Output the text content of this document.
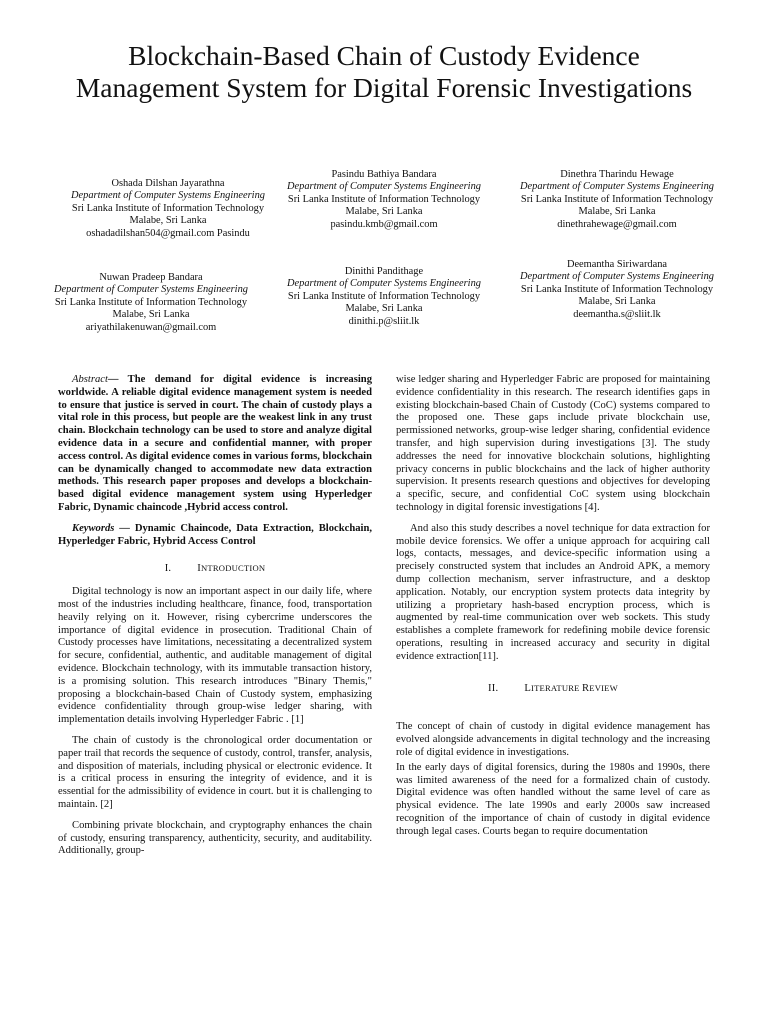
Blockchain-Based Chain of Custody Evidence Management System for Digital Forensic Investigations
Oshada Dilshan Jayarathna
Department of Computer Systems Engineering
Sri Lanka Institute of Information Technology
Malabe, Sri Lanka
oshadadilshan504@gmail.com Pasindu
Pasindu Bathiya Bandara
Department of Computer Systems Engineering
Sri Lanka Institute of Information Technology
Malabe, Sri Lanka
pasindu.kmb@gmail.com
Dinethra Tharindu Hewage
Department of Computer Systems Engineering
Sri Lanka Institute of Information Technology
Malabe, Sri Lanka
dinethrahewage@gmail.com
Nuwan Pradeep Bandara
Department of Computer Systems Engineering
Sri Lanka Institute of Information Technology
Malabe, Sri Lanka
ariyathilakenuwan@gmail.com
Dinithi Pandithage
Department of Computer Systems Engineering
Sri Lanka Institute of Information Technology
Malabe, Sri Lanka
dinithi.p@sliit.lk
Deemantha Siriwardana
Department of Computer Systems Engineering
Sri Lanka Institute of Information Technology
Malabe, Sri Lanka
deemantha.s@sliit.lk

Abstract— The demand for digital evidence is increasing worldwide. A reliable digital evidence management system is needed to ensure that justice is served in court. The chain of custody plays a vital role in this process, but people are the weakest link in any trust chain. Blockchain technology can be used to store and analyze digital evidence data in a secure and confidential manner, with proper access control. As digital evidence comes in various forms, blockchain can be dynamically changed to accommodate new data extraction methods. This research paper proposes and develops a blockchain-based digital evidence management system using Hyperledger Fabric, Dynamic chaincode ,Hybrid access control.

Keywords — Dynamic Chaincode, Data Extraction, Blockchain, Hyperledger Fabric, Hybrid Access Control

I. INTRODUCTION

Digital technology is now an important aspect in our daily life, where most of the industries including healthcare, finance, food, transportation heavily relying on it. However, rising cybercrime underscores the importance of digital evidence in prosecution. Traditional Chain of Custody processes have limitations, necessitating a decentralized system for secure, confidential, authentic, and auditable management of digital evidence. Blockchain technology, with its immutable transaction history, is a promising solution. This research introduces "Binary Themis," proposing a blockchain-based Chain of Custody system, emphasizing evidence confidentiality through group-wise ledger sharing, with implementation details involving Hyperledger Fabric . [1]

The chain of custody is the chronological order documentation or paper trail that records the sequence of custody, control, transfer, analysis, and disposition of materials, including physical or electronic evidence. It is a critical process in ensuring the integrity of evidence, and it is essential for the admissibility of evidence in court. but it is challenging to maintain. [2]

Combining private blockchain, and cryptography enhances the chain of custody, ensuring transparency, authenticity, security, and auditability. Additionally, group-

wise ledger sharing and Hyperledger Fabric are proposed for maintaining evidence confidentiality in this research. The research identifies gaps in existing blockchain-based Chain of Custody (CoC) systems compared to the proposed one. These gaps include private blockchain use, permissioned networks, group-wise ledger sharing, confidential evidence transfer, and high supervision during investigations [3]. The study addresses the need for innovative blockchain solutions, highlighting privacy concerns in public blockchains and the lack of higher authority supervision. It presents research questions and objectives for developing a specific, secure, and confidential CoC system using blockchain technology in digital forensic investigations [4].

And also this study describes a novel technique for data extraction for mobile device forensics. We offer a unique approach for acquiring call logs, contacts, messages, and device-specific information using a precisely constructed system that includes an Android APK, a memory dump collection mechanism, server infrastructure, and a desktop application. Notably, our encryption system protects data integrity by utilizing a proprietary hash-based encryption process, which is augmented by real-time communication over web sockets. This study establishes a complete framework for redefining mobile device forensic operations, resulting in increased accuracy and security in digital evidence extraction[11].

II. LITERATURE REVIEW

The concept of chain of custody in digital evidence management has evolved alongside advancements in digital technology and the increasing role of digital evidence in investigations.

In the early days of digital forensics, during the 1980s and 1990s, there was limited awareness of the need for a formalized chain of custody. Digital evidence was often handled without the same level of care as physical evidence. The late 1990s and early 2000s saw increased recognition of the importance of chain of custody in digital evidence through legal cases. Courts began to require documentation
